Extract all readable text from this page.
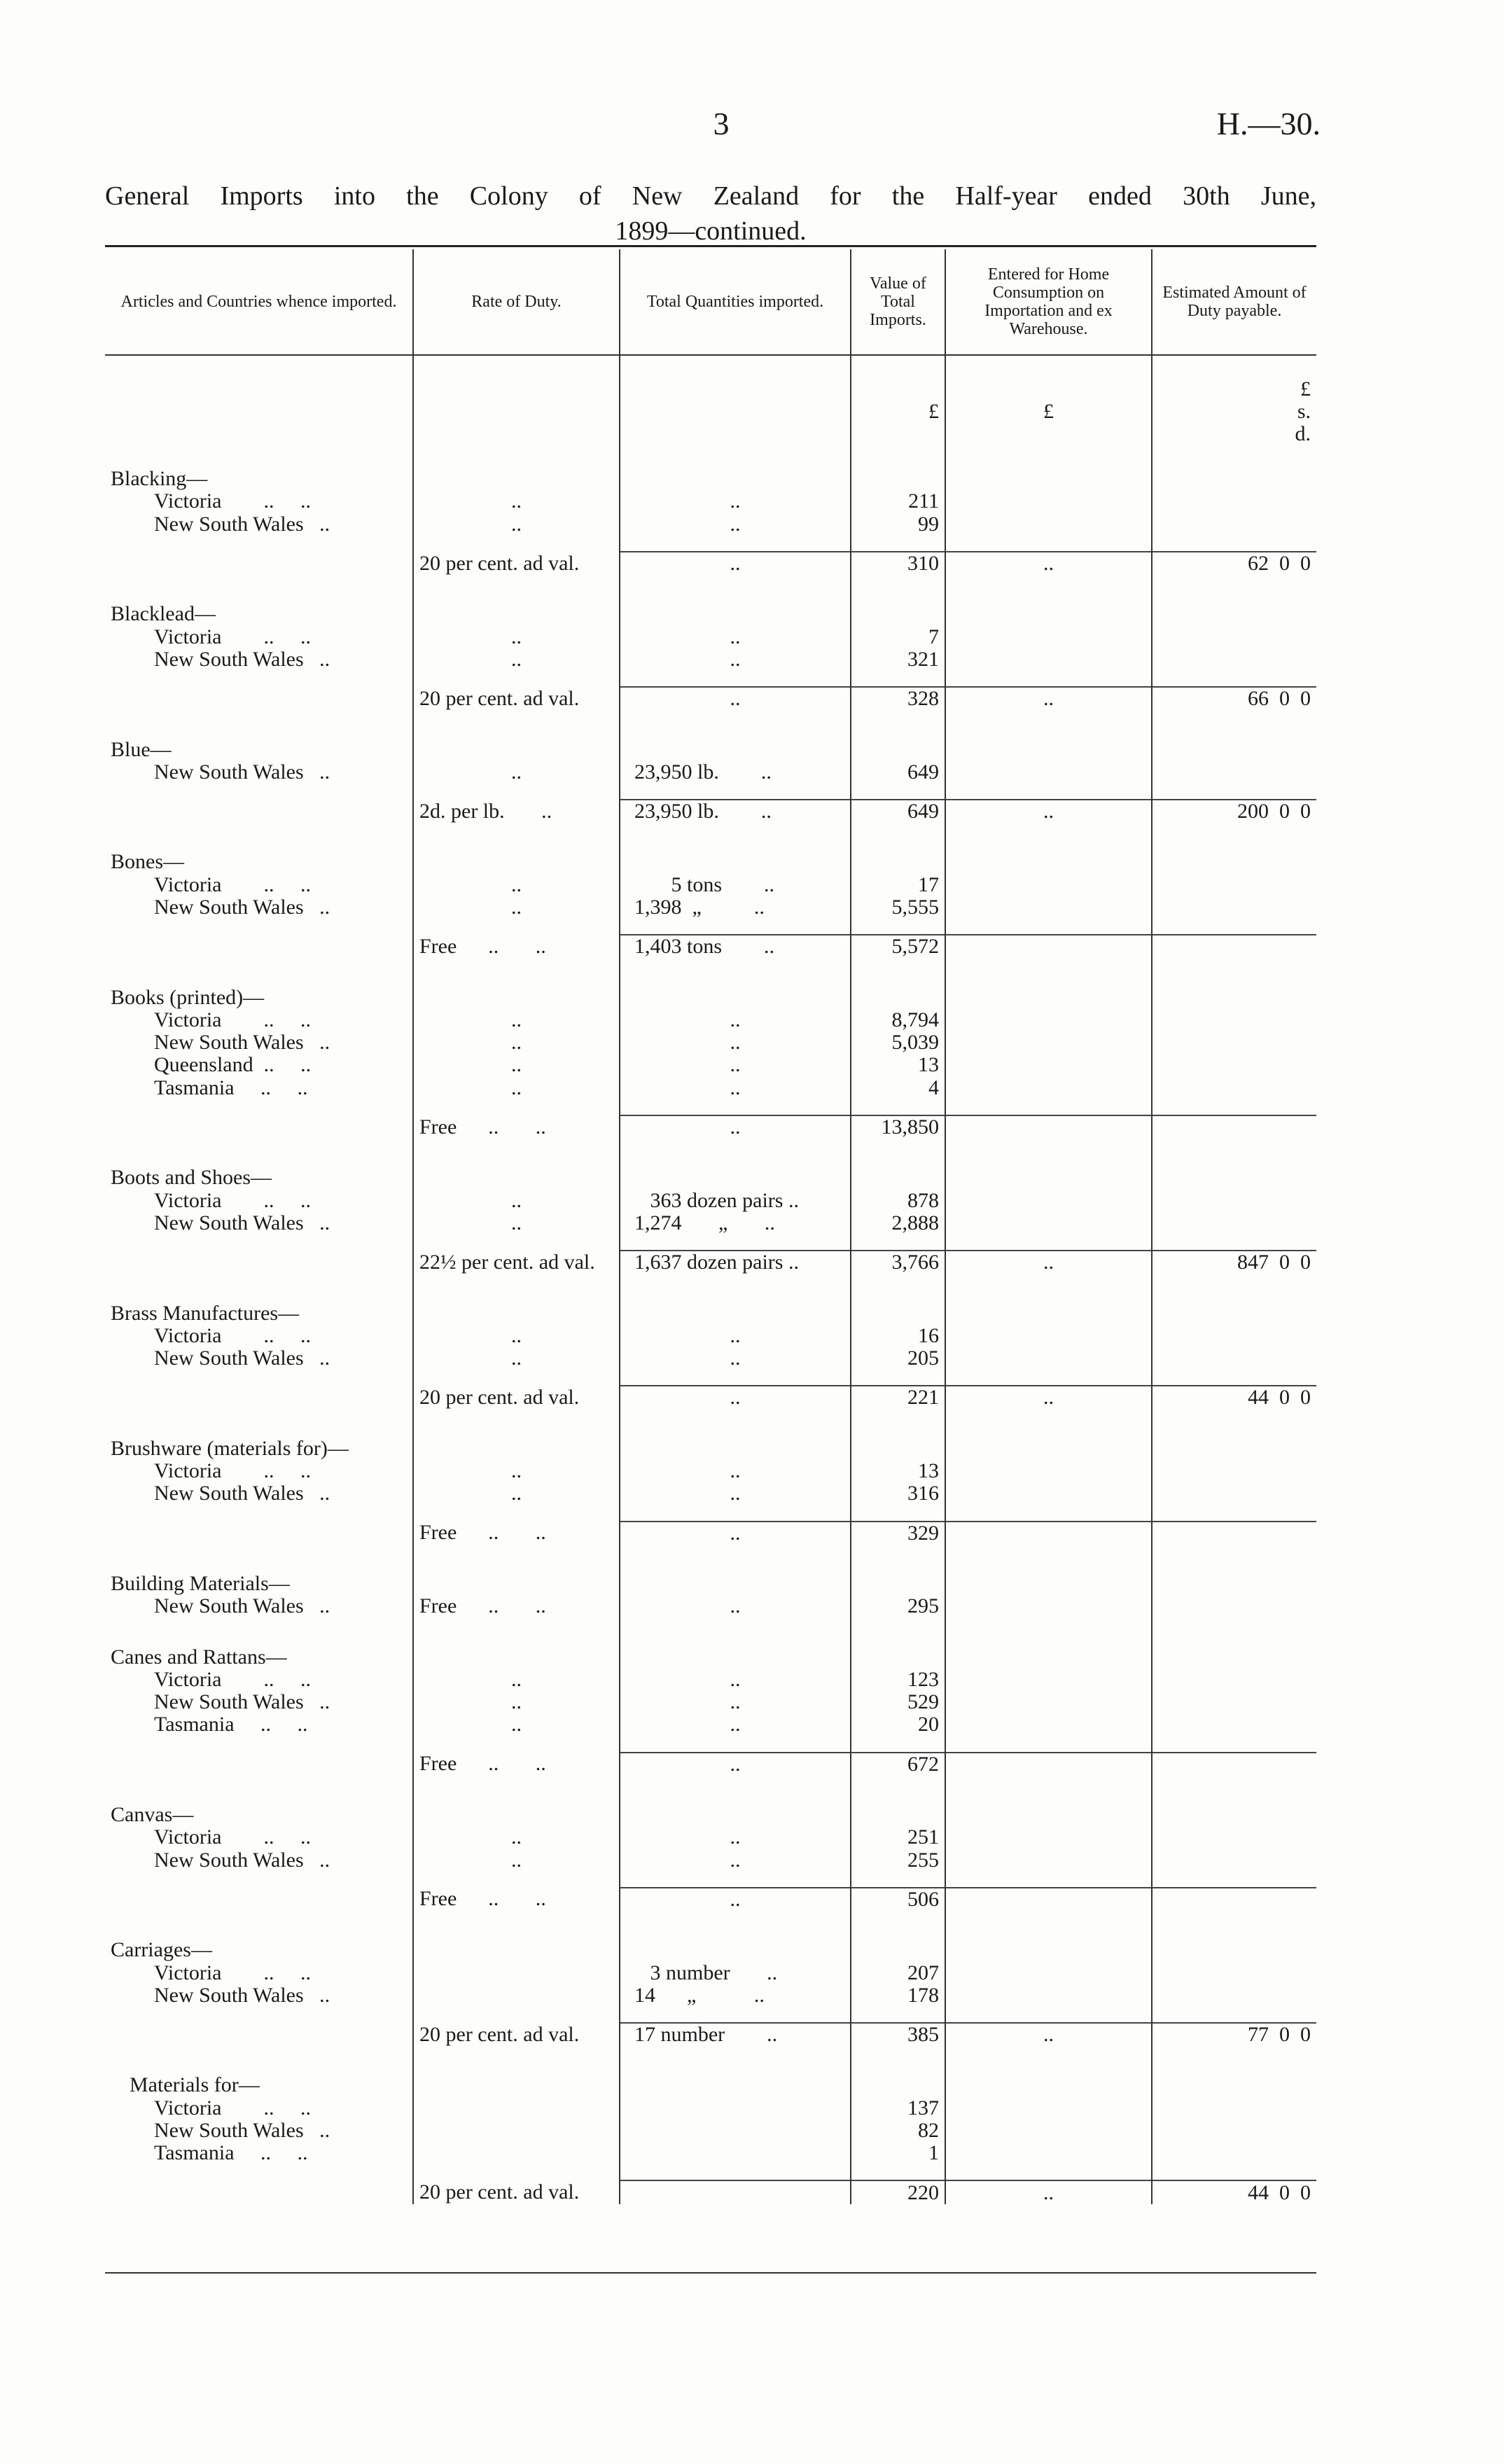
3	H.—30.
General Imports into the Colony of New Zealand for the Half-year ended 30th June,
1899—continued.
Articles and Countries whence imported.	Rate of Duty.	Total Quantities imported.	Value of Total Imports.	Entered for Home Consumption on Importation and ex Warehouse.	Estimated Amount of Duty payable.
			£	£	£
s.
d.

Blacking—					
Victoria        ..     ..	..	..	211		
New South Wales   ..	..	..	99		

	20 per cent. ad val.	..	310	..	62  0  0

Blacklead—					
Victoria        ..     ..	..	..	7		
New South Wales   ..	..	..	321		

	20 per cent. ad val.	..	328	..	66  0  0

Blue—					
New South Wales   ..	..	23,950 lb.        ..	649		

	2d. per lb.       ..	23,950 lb.        ..	649	..	200  0  0

Bones—					
Victoria        ..     ..	..	5 tons        ..	17		
New South Wales   ..	..	1,398  „          ..	5,555		

	Free      ..       ..	1,403 tons        ..	5,572		

Books (printed)—					
Victoria        ..     ..	..	..	8,794		
New South Wales   ..	..	..	5,039		
Queensland  ..     ..	..	..	13		
Tasmania     ..     ..	..	..	4		

	Free      ..       ..	..	13,850		

Boots and Shoes—					
Victoria        ..     ..	..	363 dozen pairs ..	878		
New South Wales   ..	..	1,274       „       ..	2,888		

	22½ per cent. ad val.	1,637 dozen pairs ..	3,766	..	847  0  0

Brass Manufactures—					
Victoria        ..     ..	..	..	16		
New South Wales   ..	..	..	205		

	20 per cent. ad val.	..	221	..	44  0  0

Brushware (materials for)—					
Victoria        ..     ..	..	..	13		
New South Wales   ..	..	..	316		

	Free      ..       ..	..	329		

Building Materials—					
New South Wales   ..	Free      ..       ..	..	295		

Canes and Rattans—					
Victoria        ..     ..	..	..	123		
New South Wales   ..	..	..	529		
Tasmania     ..     ..	..	..	20		

	Free      ..       ..	..	672		

Canvas—					
Victoria        ..     ..	..	..	251		
New South Wales   ..	..	..	255		

	Free      ..       ..	..	506		

Carriages—					
Victoria        ..     ..		3 number       ..	207		
New South Wales   ..		14      „           ..	178		

	20 per cent. ad val.	17 number        ..	385	..	77  0  0

Materials for—					
Victoria        ..     ..			137		
New South Wales   ..			82		
Tasmania     ..     ..			1		

	20 per cent. ad val.		220	..	44  0  0
